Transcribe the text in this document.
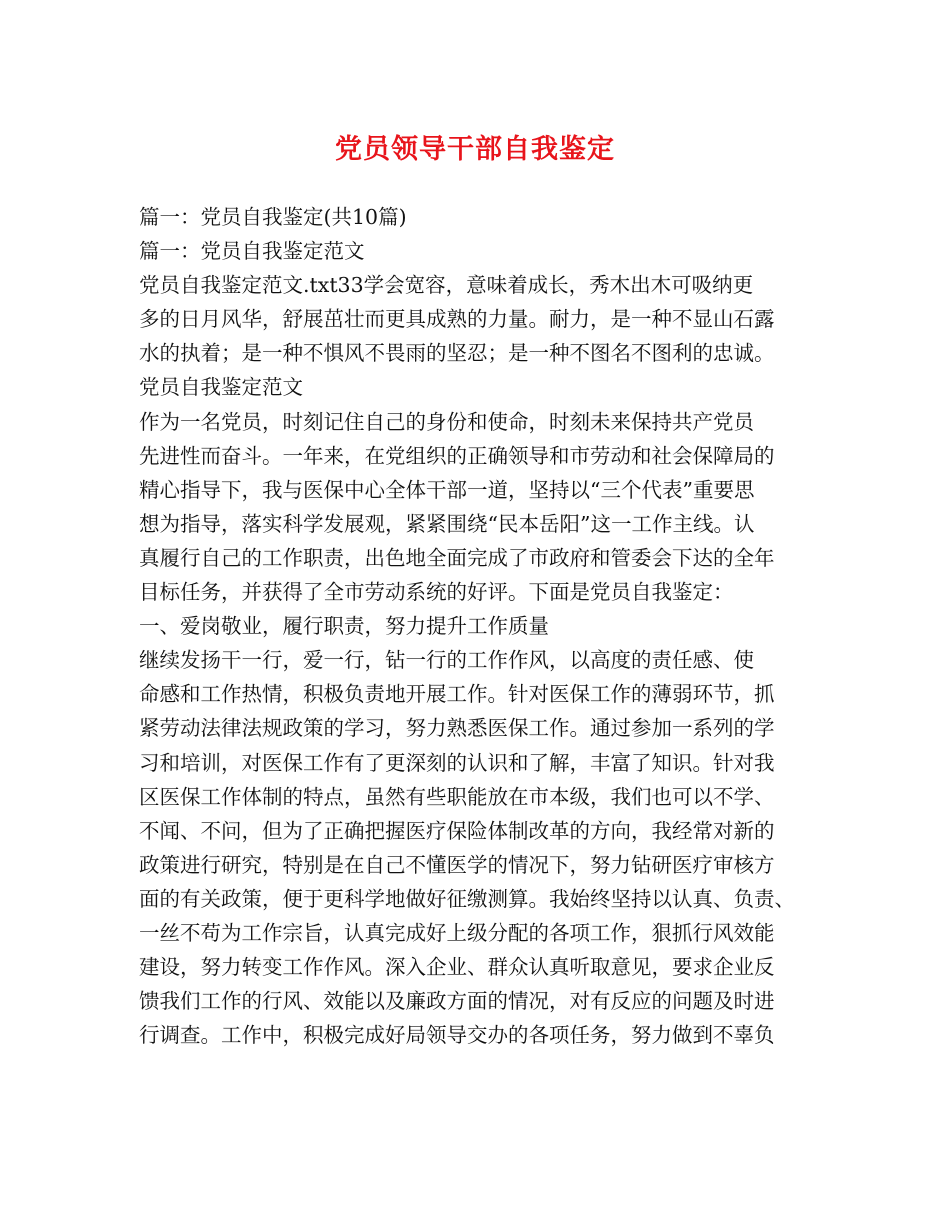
党员领导干部自我鉴定
篇一：党员自我鉴定(共10篇)
篇一：党员自我鉴定范文
党员自我鉴定范文.txt33学会宽容，意味着成长，秀木出木可吸纳更
多的日月风华，舒展茁壮而更具成熟的力量。耐力，是一种不显山石露
水的执着；是一种不惧风不畏雨的坚忍；是一种不图名不图利的忠诚。
党员自我鉴定范文
作为一名党员，时刻记住自己的身份和使命，时刻未来保持共产党员
先进性而奋斗。一年来，在党组织的正确领导和市劳动和社会保障局的
精心指导下，我与医保中心全体干部一道，坚持以“三个代表”重要思
想为指导，落实科学发展观，紧紧围绕“民本岳阳”这一工作主线。认
真履行自己的工作职责，出色地全面完成了市政府和管委会下达的全年
目标任务，并获得了全市劳动系统的好评。下面是党员自我鉴定：
一、爱岗敬业，履行职责，努力提升工作质量
继续发扬干一行，爱一行，钻一行的工作作风，以高度的责任感、使
命感和工作热情，积极负责地开展工作。针对医保工作的薄弱环节，抓
紧劳动法律法规政策的学习，努力熟悉医保工作。通过参加一系列的学
习和培训，对医保工作有了更深刻的认识和了解，丰富了知识。针对我
区医保工作体制的特点，虽然有些职能放在市本级，我们也可以不学、
不闻、不问，但为了正确把握医疗保险体制改革的方向，我经常对新的
政策进行研究，特别是在自己不懂医学的情况下，努力钻研医疗审核方
面的有关政策，便于更科学地做好征缴测算。我始终坚持以认真、负责、
一丝不苟为工作宗旨，认真完成好上级分配的各项工作，狠抓行风效能
建设，努力转变工作作风。深入企业、群众认真听取意见，要求企业反
馈我们工作的行风、效能以及廉政方面的情况，对有反应的问题及时进
行调查。工作中，积极完成好局领导交办的各项任务，努力做到不辜负
